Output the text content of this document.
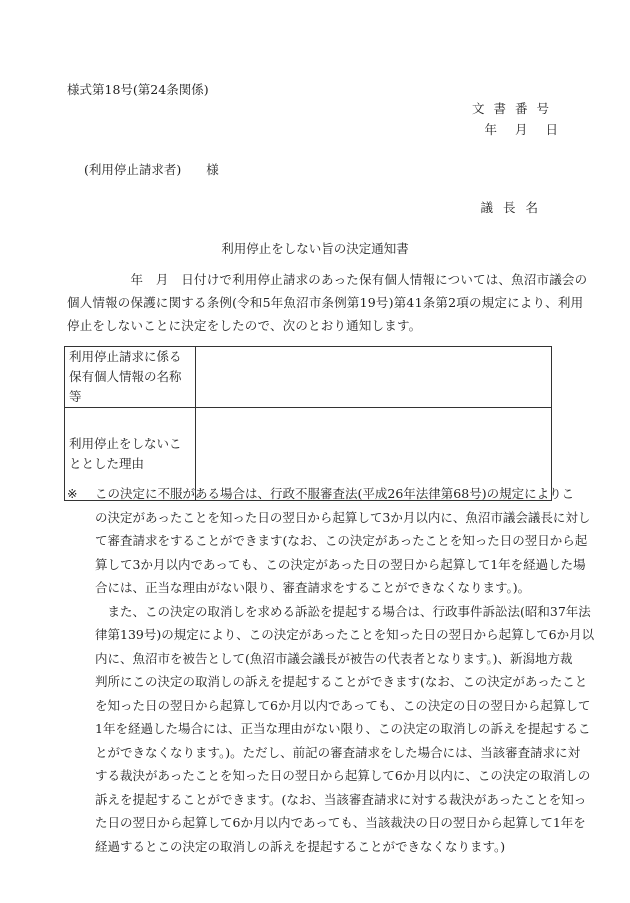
様式第18号(第24条関係)
文書番号
年 月 日
(利用停止請求者)　　様
議長名
利用停止をしない旨の決定通知書
　　　　　年　月　日付けで利用停止請求のあった保有個人情報については、魚沼市議会の
個人情報の保護に関する条例(令和5年魚沼市条例第19号)第41条第2項の規定により、利用
停止をしないことに決定をしたので、次のとおり通知します。
利用停止請求に係る保有個人情報の名称等	
利用停止をしないこととした理由	
※ この決定に不服がある場合は、行政不服審査法(平成26年法律第68号)の規定によりこ
の決定があったことを知った日の翌日から起算して3か月以内に、魚沼市議会議長に対し
て審査請求をすることができます(なお、この決定があったことを知った日の翌日から起
算して3か月以内であっても、この決定があった日の翌日から起算して1年を経過した場
合には、正当な理由がない限り、審査請求をすることができなくなります。)。
　また、この決定の取消しを求める訴訟を提起する場合は、行政事件訴訟法(昭和37年法
律第139号)の規定により、この決定があったことを知った日の翌日から起算して6か月以
内に、魚沼市を被告として(魚沼市議会議長が被告の代表者となります。)、新潟地方裁
判所にこの決定の取消しの訴えを提起することができます(なお、この決定があったこと
を知った日の翌日から起算して6か月以内であっても、この決定の日の翌日から起算して
1年を経過した場合には、正当な理由がない限り、この決定の取消しの訴えを提起するこ
とができなくなります。)。ただし、前記の審査請求をした場合には、当該審査請求に対
する裁決があったことを知った日の翌日から起算して6か月以内に、この決定の取消しの
訴えを提起することができます。(なお、当該審査請求に対する裁決があったことを知っ
た日の翌日から起算して6か月以内であっても、当該裁決の日の翌日から起算して1年を
経過するとこの決定の取消しの訴えを提起することができなくなります。)
